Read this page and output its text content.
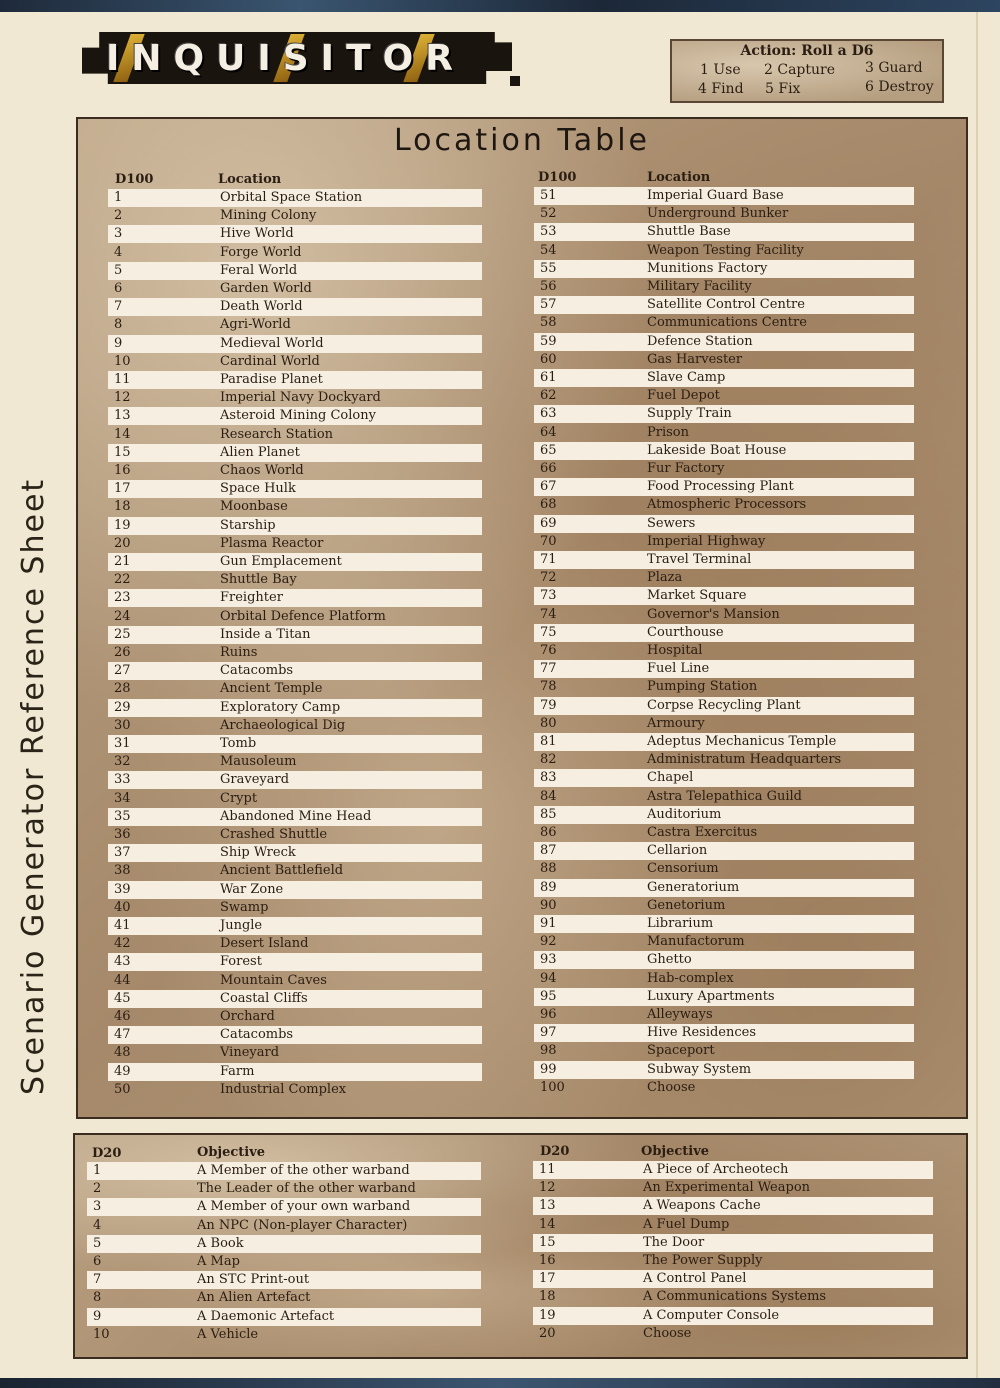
INQUISITOR	Action: Roll a D6
1 Use 2 Capture 3 Guard
4 Find 5 Fix	6 Destroy
Scenario Generator Reference Sheet
Location Table
D100	Location	D100	Location
1	Orbital Space Station
2	Mining Colony
3	Hive World
4	Forge World
5	Feral World
6	Garden World
7	Death World
8	Agri-World
9	Medieval World
10	Cardinal World
11	Paradise Planet
12	Imperial Navy Dockyard
13	Asteroid Mining Colony
14	Research Station
15	Alien Planet
16	Chaos World
17	Space Hulk
18	Moonbase
19	Starship
20	Plasma Reactor
21	Gun Emplacement
22	Shuttle Bay
23	Freighter
24	Orbital Defence Platform
25	Inside a Titan
26	Ruins
27	Catacombs
28	Ancient Temple
29	Exploratory Camp
30	Archaeological Dig
31	Tomb
32	Mausoleum
33	Graveyard
34	Crypt
35	Abandoned Mine Head
36	Crashed Shuttle
37	Ship Wreck
38	Ancient Battlefield
39	War Zone
40	Swamp
41	Jungle
42	Desert Island
43	Forest
44	Mountain Caves
45	Coastal Cliffs
46	Orchard
47	Catacombs
48	Vineyard
49	Farm
50	Industrial Complex
51	Imperial Guard Base
52	Underground Bunker
53	Shuttle Base
54	Weapon Testing Facility
55	Munitions Factory
56	Military Facility
57	Satellite Control Centre
58	Communications Centre
59	Defence Station
60	Gas Harvester
61	Slave Camp
62	Fuel Depot
63	Supply Train
64	Prison
65	Lakeside Boat House
66	Fur Factory
67	Food Processing Plant
68	Atmospheric Processors
69	Sewers
70	Imperial Highway
71	Travel Terminal
72	Plaza
73	Market Square
74	Governor's Mansion
75	Courthouse
76	Hospital
77	Fuel Line
78	Pumping Station
79	Corpse Recycling Plant
80	Armoury
81	Adeptus Mechanicus Temple
82	Administratum Headquarters
83	Chapel
84	Astra Telepathica Guild
85	Auditorium
86	Castra Exercitus
87	Cellarion
88	Censorium
89	Generatorium
90	Genetorium
91	Librarium
92	Manufactorum
93	Ghetto
94	Hab-complex
95	Luxury Apartments
96	Alleyways
97	Hive Residences
98	Spaceport
99	Subway System
100	Choose
D20	Objective	D20	Objective
1	A Member of the other warband
2	The Leader of the other warband
3	A Member of your own warband
4	An NPC (Non-player Character)
5	A Book
6	A Map
7	An STC Print-out
8	An Alien Artefact
9	A Daemonic Artefact
10	A Vehicle
11	A Piece of Archeotech
12	An Experimental Weapon
13	A Weapons Cache
14	A Fuel Dump
15	The Door
16	The Power Supply
17	A Control Panel
18	A Communications Systems
19	A Computer Console
20	Choose
